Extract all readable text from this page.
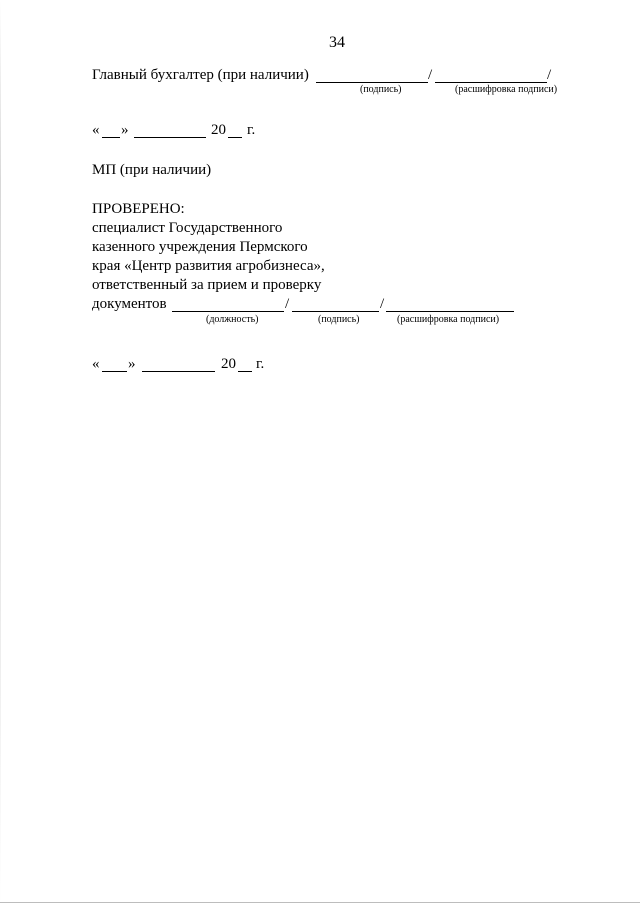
34
Главный бухгалтер (при наличии)	/	/
(подпись)	(расшифровка подписи)
« »	20 г.
МП (при наличии)
ПРОВЕРЕНО:
специалист Государственного
казенного учреждения Пермского
края «Центр развития агробизнеса»,
ответственный за прием и проверку
документов	/	/
(должность)	(подпись)	(расшифровка подписи)
« »	20 г.
